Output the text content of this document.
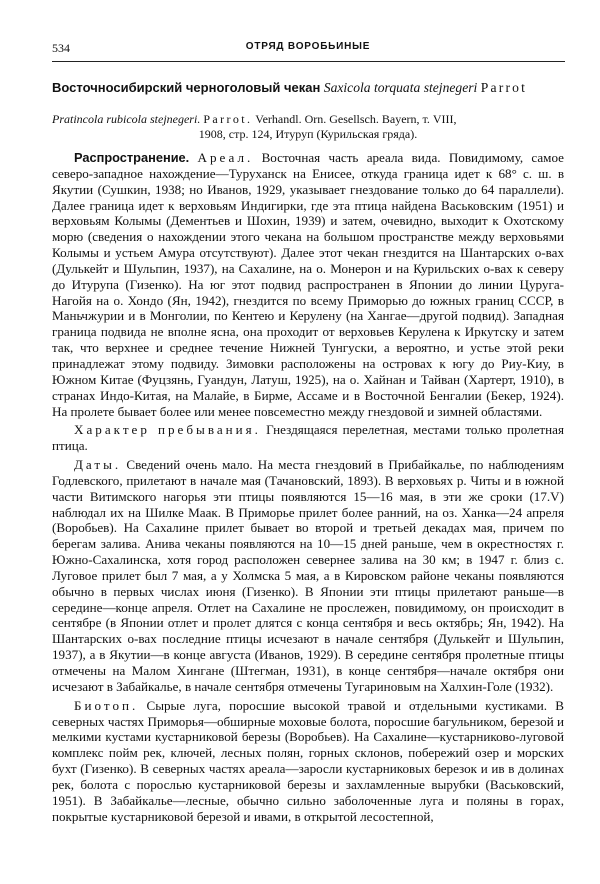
534	ОТРЯД ВОРОБЬИНЫЕ
Восточносибирский черноголовый чекан Saxicola torquata stejnegeri Parrot
Pratincola rubicola stejnegeri. Parrot. Verhandl. Orn. Gesellsch. Bayern, т. VIII,
1908, стр. 124, Итуруп (Курильская гряда).

Распространение. Ареал. Восточная часть ареала вида. Повидимому, самое северо-западное нахождение—Туруханск на Енисее, откуда граница идет к 68° с. ш. в Якутии (Сушкин, 1938; но Иванов, 1929, указывает гнездование только до 64 параллели). Далее граница идет к верховьям Индигирки, где эта птица найдена Васьковским (1951) и верховьям Колымы (Дементьев и Шохин, 1939) и затем, очевидно, выходит к Охотскому морю (сведения о нахождении этого чекана на большом пространстве между верховьями Колымы и устьем Амура отсутствуют). Далее этот чекан гнездится на Шантарских о-вах (Дулькейт и Шульпин, 1937), на Сахалине, на о. Монерон и на Курильских о-вах к северу до Итурупа (Гизенко). На юг этот подвид распространен в Японии до линии Цуруга-Нагойя на о. Хондо (Ян, 1942), гнездится по всему Приморью до южных границ СССР, в Маньчжурии и в Монголии, по Кентею и Керулену (на Хангае—другой подвид). Западная граница подвида не вполне ясна, она проходит от верховьев Керулена к Иркутску и затем так, что верхнее и среднее течение Нижней Тунгуски, а вероятно, и устье этой реки принадлежат этому подвиду. Зимовки расположены на островах к югу до Риу-Киу, в Южном Китае (Фуцзянь, Гуандун, Латуш, 1925), на о. Хайнан и Тайван (Хартерт, 1910), в странах Индо-Китая, на Малайе, в Бирме, Ассаме и в Восточной Бенгалии (Бекер, 1924). На пролете бывает более или менее повсеместно между гнездовой и зимней областями.

Характер пребывания. Гнездящаяся перелетная, местами только пролетная птица.

Даты. Сведений очень мало. На места гнездовий в Прибайкалье, по наблюдениям Годлевского, прилетают в начале мая (Тачановский, 1893). В верховьях р. Читы и в южной части Витимского нагорья эти птицы появляются 15—16 мая, в эти же сроки (17.V) наблюдал их на Шилке Маак. В Приморье прилет более ранний, на оз. Ханка—24 апреля (Воробьев). На Сахалине прилет бывает во второй и третьей декадах мая, причем по берегам залива. Анива чеканы появляются на 10—15 дней раньше, чем в окрестностях г. Южно-Сахалинска, хотя город расположен севернее залива на 30 км; в 1947 г. близ с. Луговое прилет был 7 мая, а у Холмска 5 мая, а в Кировском районе чеканы появляются обычно в первых числах июня (Гизенко). В Японии эти птицы прилетают раньше—в середине—конце апреля. Отлет на Сахалине не прослежен, повидимому, он происходит в сентябре (в Японии отлет и пролет длятся с конца сентября и весь октябрь; Ян, 1942). На Шантарских о-вах последние птицы исчезают в начале сентября (Дулькейт и Шульпин, 1937), а в Якутии—в конце августа (Иванов, 1929). В середине сентября пролетные птицы отмечены на Малом Хингане (Штегман, 1931), в конце сентября—начале октября они исчезают в Забайкалье, в начале сентября отмечены Тугариновым на Халхин-Голе (1932).

Биотоп. Сырые луга, поросшие высокой травой и отдельными кустиками. В северных частях Приморья—обширные моховые болота, поросшие багульником, березой и мелкими кустами кустарниковой березы (Воробьев). На Сахалине—кустарниково-луговой комплекс пойм рек, ключей, лесных полян, горных склонов, побережий озер и морских бухт (Гизенко). В северных частях ареала—заросли кустарниковых березок и ив в долинах рек, болота с порослью кустарниковой березы и захламленные вырубки (Васьковский, 1951). В Забайкалье—лесные, обычно сильно заболоченные луга и поляны в горах, покрытые кустарниковой березой и ивами, в открытой лесостепной,
